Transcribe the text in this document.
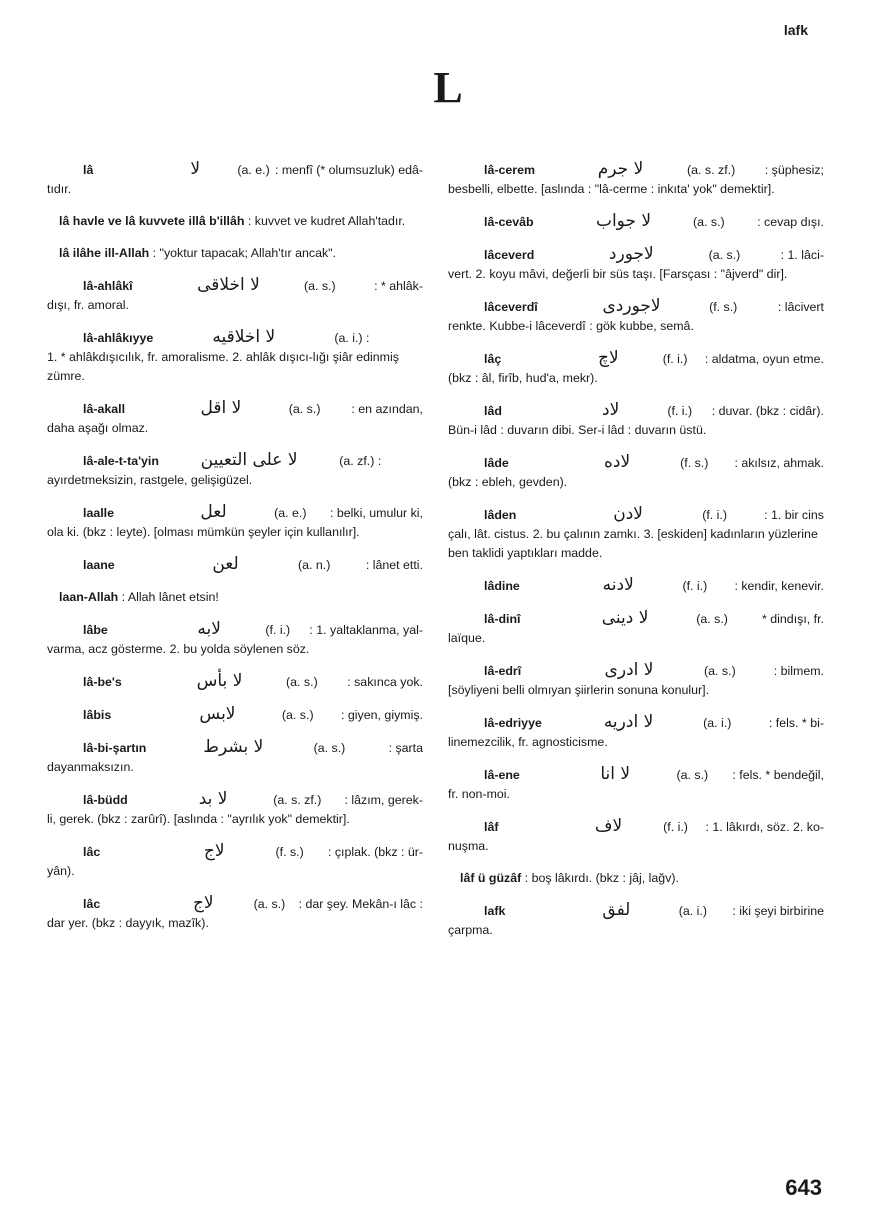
lafk
L
lâ	لا	(a. e.) : menfî (* olumsuzluk) edâ-
tıdır.
lâ havle ve lâ kuvvete illâ b'illâh : kuvvet ve kudret Allah'tadır.
lâ ilâhe ill-Allah : "yoktur tapacak; Allah'tır ancak".
lâ-ahlâkî	لا اخلاقى	(a. s.)	: * ahlâk-
dışı, fr. amoral.
lâ-ahlâkıyye	لا اخلاقيه	(a. i.) :
1. * ahlâkdışıcılık, fr. amoralisme. 2. ahlâk dışıcı-lığı şiâr edinmiş zümre.
lâ-akall	لا اقل	(a. s.) : en azından,
daha aşağı olmaz.
lâ-ale-t-ta'yin لا على التعيين	(a. zf.) :
ayırdetmeksizin, rastgele, gelişigüzel.
laalle	لعل	(a. e.) : belki, umulur ki,
ola ki. (bkz : leyte). [olması mümkün şeyler için kullanılır].
laane	لعن	(a. n.)	: lânet etti.
laan-Allah : Allah lânet etsin!
lâbe	لابه	(f. i.) : 1. yaltaklanma, yal-
varma, acz gösterme. 2. bu yolda söylenen söz.
lâ-be's	لا بأس	(a. s.) : sakınca yok.
lâbis	لابس	(a. s.) : giyen, giymiş.
lâ-bi-şartın	لا بشرط	(a. s.)	: şarta
dayanmaksızın.
lâ-büdd	لا بد	(a. s. zf.) : lâzım, gerek-
li, gerek. (bkz : zarûrî). [aslında : "ayrılık yok" demektir].
lâc	لاج	(f. s.) : çıplak. (bkz : ür-
yân).
lâc	لاج	(a. s.) : dar şey. Mekân-ı lâc :
dar yer. (bkz : dayyık, mazîk).
lâ-cerem	لا جرم	(a. s. zf.) : şüphesiz;
besbelli, elbette. [aslında : "lâ-cerme : inkıta' yok" demektir].
lâ-cevâb	لا جواب	(a. s.)	: cevap dışı.
lâceverd	لاجورد	(a. s.)	: 1. lâci-
vert. 2. koyu mâvi, değerli bir süs taşı. [Farsçası : "âjverd" dir].
lâceverdî	لاجوردى	(f. s.)	: lâcivert
renkte. Kubbe-i lâceverdî : gök kubbe, semâ.
lâç	لاچ	(f. i.) : aldatma, oyun etme.
(bkz : âl, firîb, hud'a, mekr).
lâd	لاد	(f. i.) : duvar. (bkz : cidâr).
Bün-i lâd : duvarın dibi. Ser-i lâd : duvarın üstü.
lâde	لاده	(f. s.) : akılsız, ahmak.
(bkz : ebleh, gevden).
lâden	لادن	(f. i.)	: 1. bir cins
çalı, lât. cistus. 2. bu çalının zamkı. 3. [eskiden] kadınların yüzlerine ben taklidi yaptıkları madde.
lâdine	لادنه	(f. i.) : kendir, kenevir.
lâ-dinî	لا دينى	(a. s.)	* dindışı, fr.
laïque.
lâ-edrî	لا ادرى	(a. s.)	: bilmem.
[söyliyeni belli olmıyan şiirlerin sonuna konulur].
lâ-edriyye	لا ادريه	(a. i.)	: fels. * bi-
linemezcilik, fr. agnosticisme.
lâ-ene	لا انا	(a. s.) : fels. * bendeğil,
fr. non-moi.
lâf	لاف	(f. i.) : 1. lâkırdı, söz. 2. ko-
nuşma.
lâf ü güzâf : boş lâkırdı. (bkz : jâj, lağv).
lafk	لفق	(a. i.) : iki şeyi birbirine
çarpma.
643
